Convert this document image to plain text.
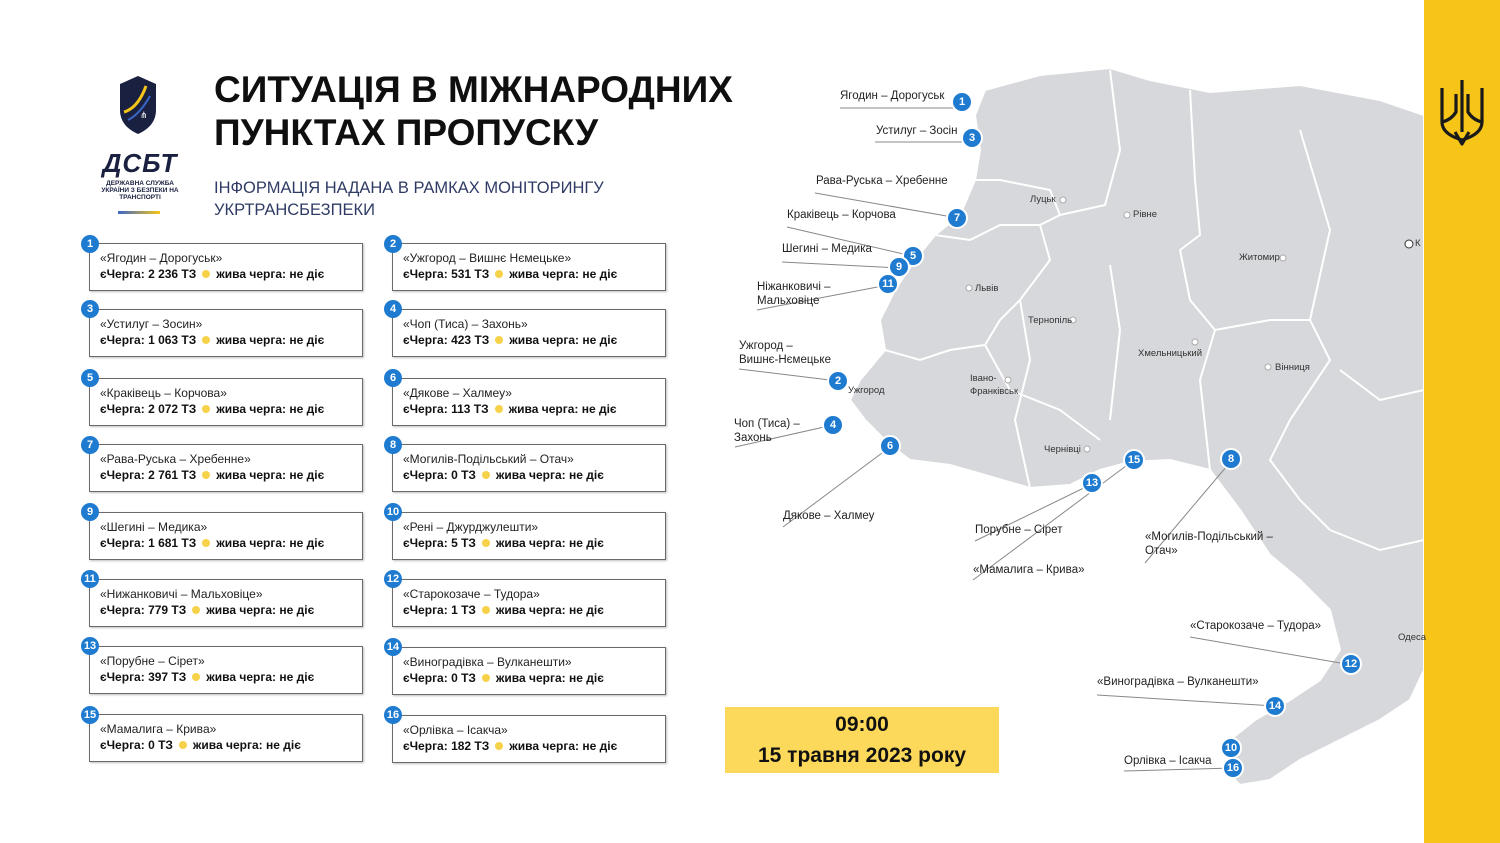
⋔
ДСБТ
ДЕРЖАВНА СЛУЖБА УКРАЇНИ З БЕЗПЕКИ НА ТРАНСПОРТІ
СИТУАЦІЯ В МІЖНАРОДНИХ
ПУНКТАХ ПРОПУСКУ
ІНФОРМАЦІЯ НАДАНА В РАМКАХ МОНІТОРИНГУ
УКРТРАНСБЕЗПЕКИ
«Ягодин – Дорогуськ»
єЧерга: 2 236 ТЗ жива черга: не діє
1
«Ужгород – Вишнє Нємецьке»
єЧерга: 531 ТЗ жива черга: не діє
2
«Устилуг – Зосин»
єЧерга: 1 063 ТЗ жива черга: не діє
3
«Чоп (Тиса) – Захонь»
єЧерга: 423 ТЗ жива черга: не діє
4
«Краківець – Корчова»
єЧерга: 2 072 ТЗ жива черга: не діє
5
«Дякове – Халмеу»
єЧерга: 113 ТЗ жива черга: не діє
6
«Рава-Руська – Хребенне»
єЧерга: 2 761 ТЗ жива черга: не діє
7
«Могилів-Подільський – Отач»
єЧерга: 0 ТЗ жива черга: не діє
8
«Шегині – Медика»
єЧерга: 1 681 ТЗ жива черга: не діє
9
«Рені – Джурджулешти»
єЧерга: 5 ТЗ жива черга: не діє
10
«Нижанковичі – Мальховіце»
єЧерга: 779 ТЗ жива черга: не діє
11
«Старокозаче – Тудора»
єЧерга: 1 ТЗ жива черга: не діє
12
«Порубне – Сірет»
єЧерга: 397 ТЗ жива черга: не діє
13
«Виноградівка – Вулканешти»
єЧерга: 0 ТЗ жива черга: не діє
14
«Мамалига – Кривa»
єЧерга: 0 ТЗ жива черга: не діє
15
«Орлівка – Ісакча»
єЧерга: 182 ТЗ жива черга: не діє
16	09:00
15 травня 2023 року
Ягодин – Дорогуськ
Устилуг – Зосін
Рава-Руська – Хребенне
Краківець – Корчова
Шегині – Медика
Ніжанковичі –
Мальховіце
Ужгород –
Вишнє-Нємецьке
Чоп (Тиса) –
Захонь
Дякове – Халмеу
Порубне – Сірет
«Мамалига – Кривa»
«Могилів-Подільський –
Отач»
«Старокозаче – Тудора»
«Виноградівка – Вулканешти»
Орлівка – Ісакча
Луцьк
Рівне
Житомир
К
Львів
Тернопіль
Хмельницький
Вінниця
Ужгород
Івано-
Франківськ
Чернівці
Одеса
1
3
7
5
9
11
2
4
6
13
15	8
12
14
10
16
